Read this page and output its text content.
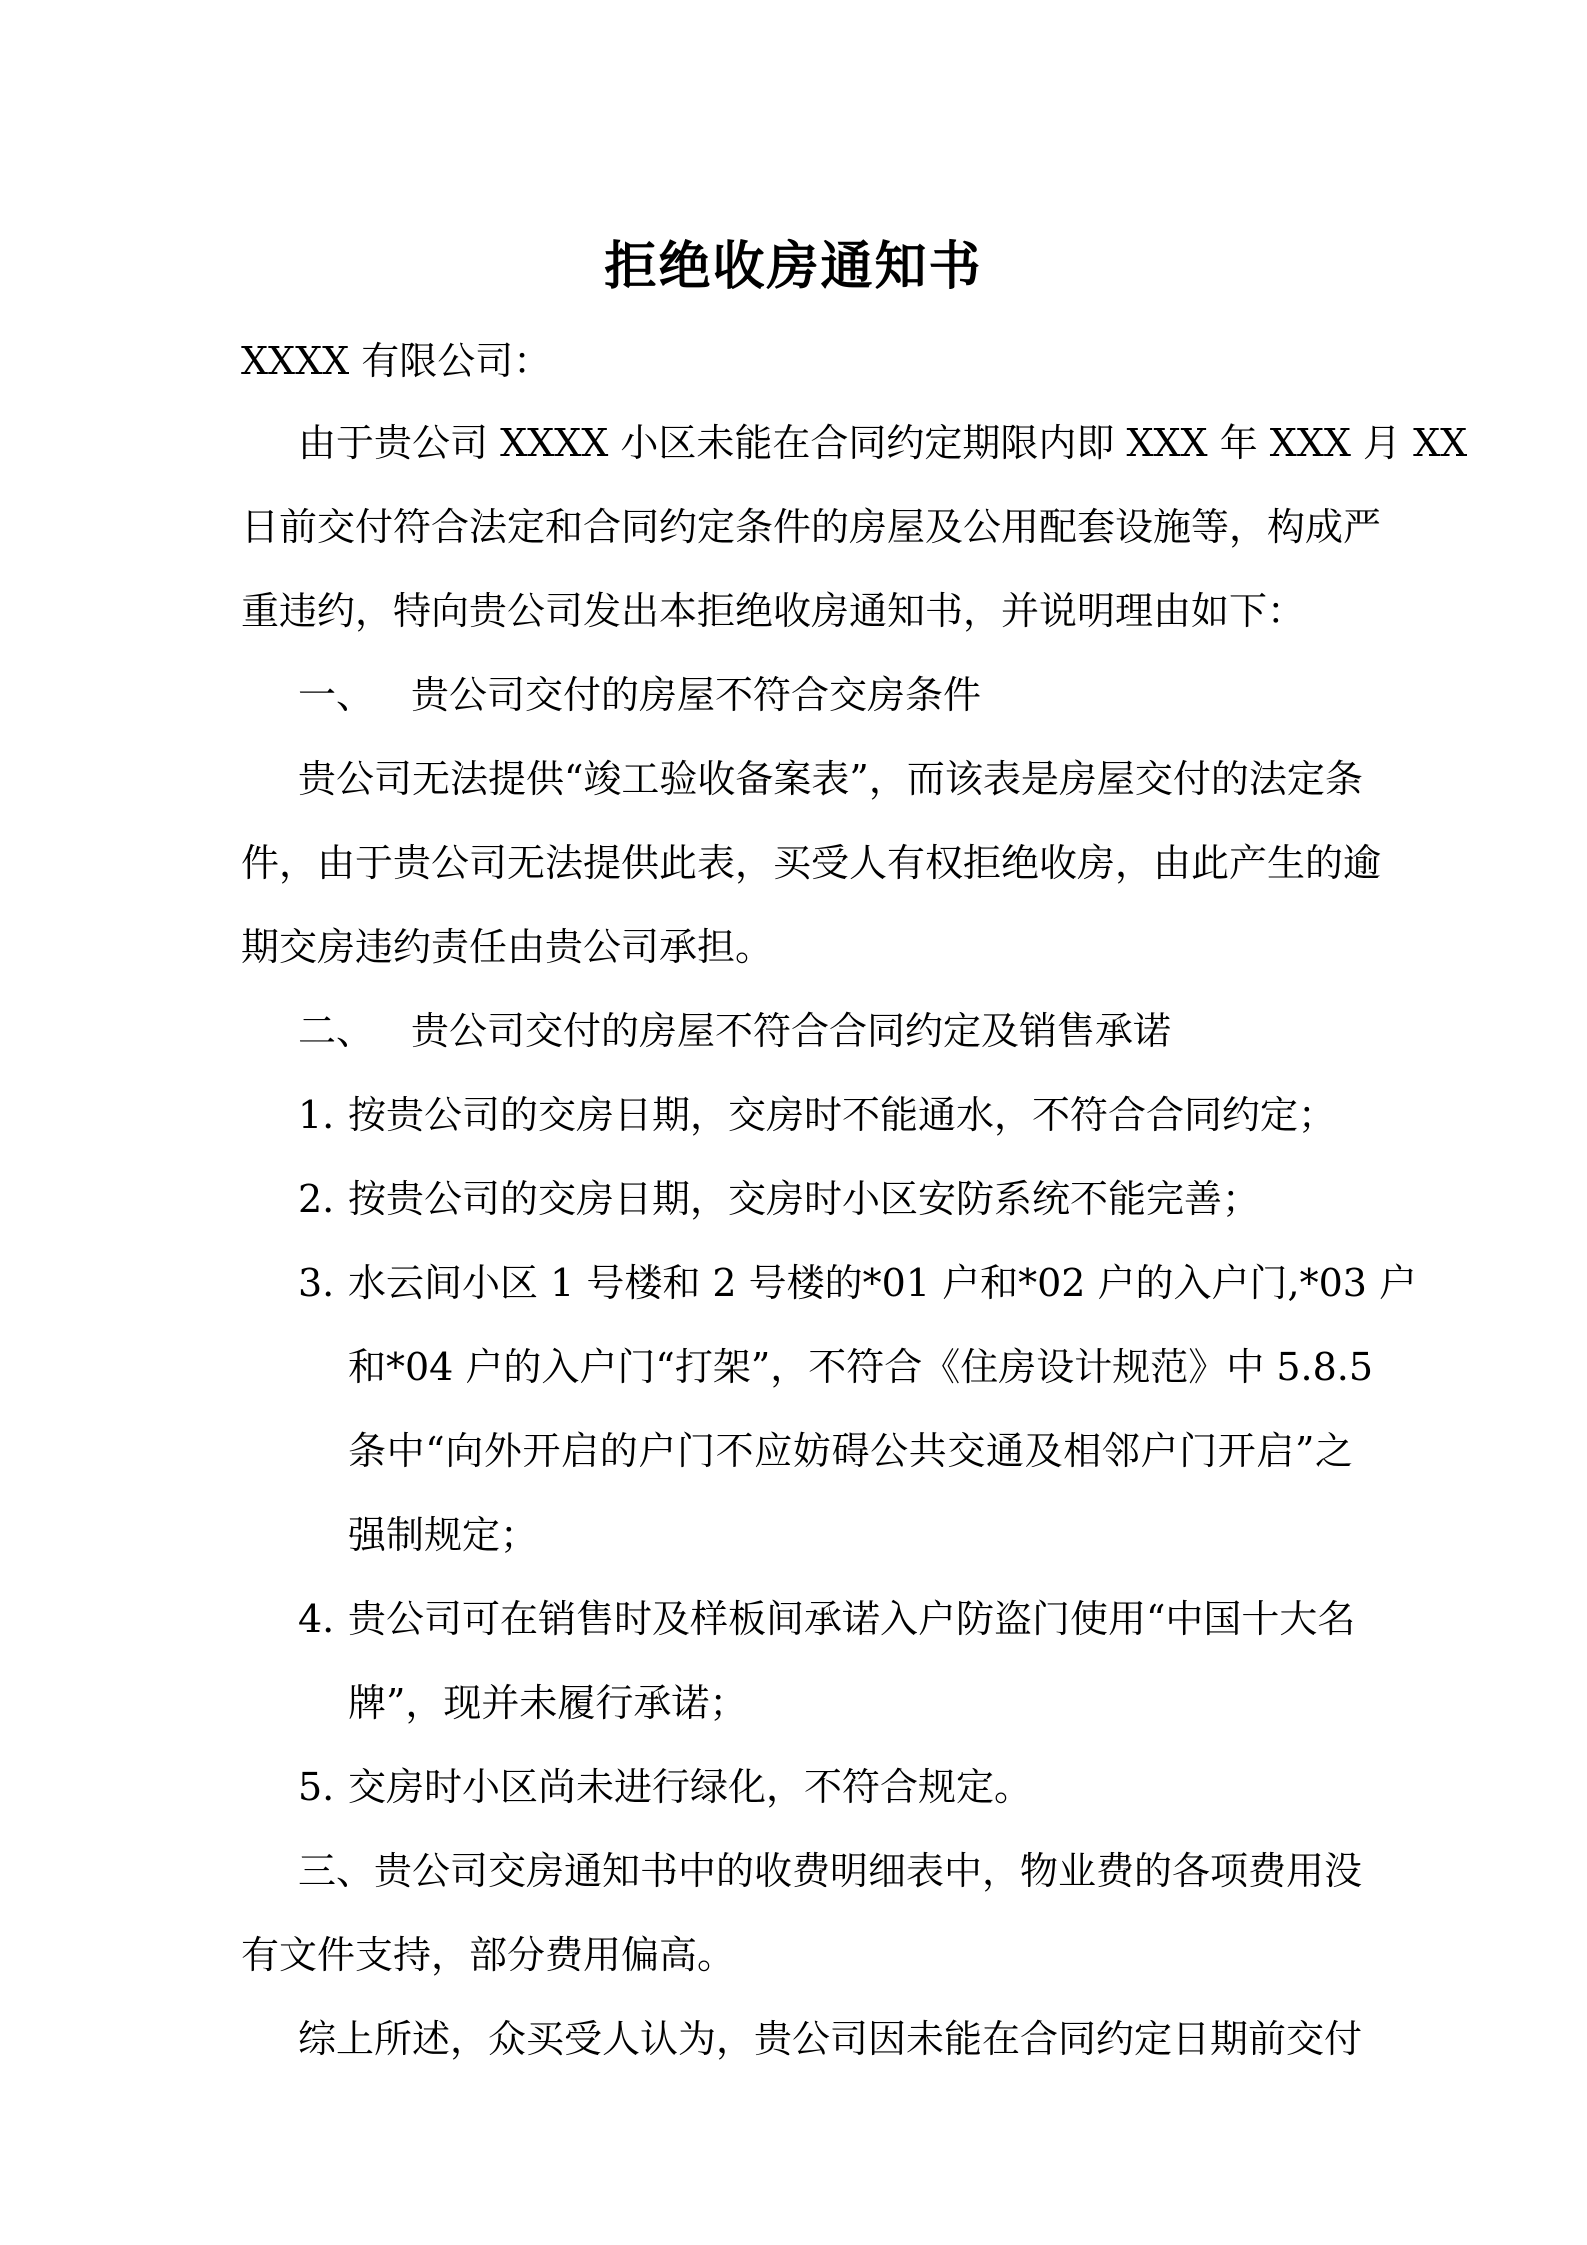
拒绝收房通知书
XXXX 有限公司：
由于贵公司 XXXX 小区未能在合同约定期限内即 XXX 年 XXX 月 XX
日前交付符合法定和合同约定条件的房屋及公用配套设施等，构成严
重违约，特向贵公司发出本拒绝收房通知书，并说明理由如下：
一、 贵公司交付的房屋不符合交房条件
贵公司无法提供“竣工验收备案表”，而该表是房屋交付的法定条
件，由于贵公司无法提供此表，买受人有权拒绝收房，由此产生的逾
期交房违约责任由贵公司承担。
二、 贵公司交付的房屋不符合合同约定及销售承诺
1. 按贵公司的交房日期，交房时不能通水，不符合合同约定；
2. 按贵公司的交房日期，交房时小区安防系统不能完善；
3. 水云间小区 1 号楼和 2 号楼的*01 户和*02 户的入户门,*03 户
和*04 户的入户门“打架”，不符合《住房设计规范》中 5.8.5
条中“向外开启的户门不应妨碍公共交通及相邻户门开启”之
强制规定；
4. 贵公司可在销售时及样板间承诺入户防盗门使用“中国十大名
牌”，现并未履行承诺；
5. 交房时小区尚未进行绿化，不符合规定。
三、贵公司交房通知书中的收费明细表中，物业费的各项费用没
有文件支持，部分费用偏高。
综上所述，众买受人认为，贵公司因未能在合同约定日期前交付
